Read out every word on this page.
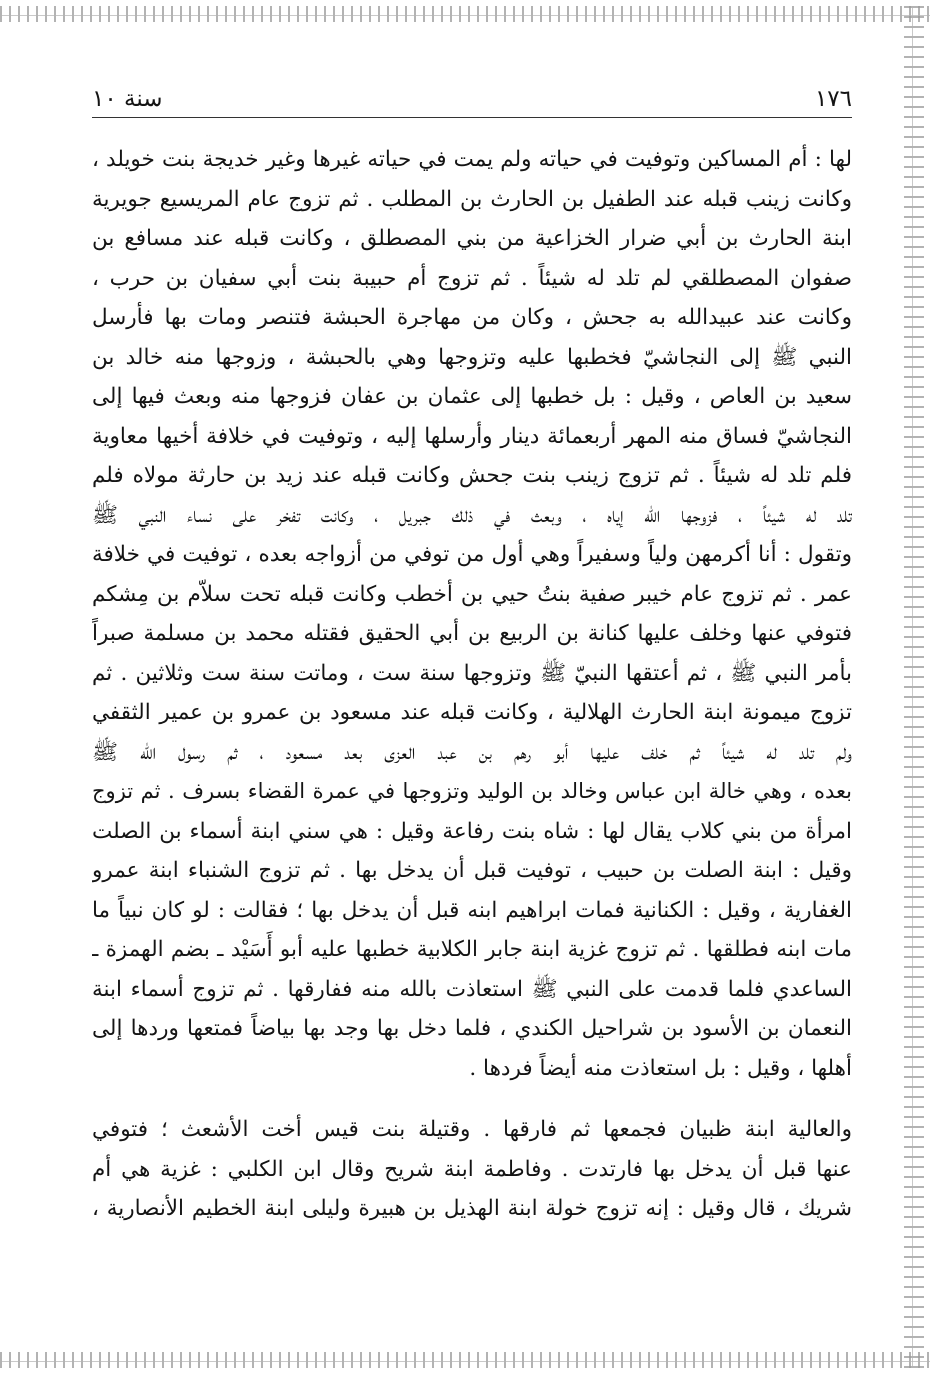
سنة ١٠	١٧٦
لها : أم المساكين وتوفيت في حياته ولم يمت في حياته غيرها وغير خديجة بنت خويلد ،
وكانت زينب قبله عند الطفيل بن الحارث بن المطلب . ثم تزوج عام المريسيع جويرية
ابنة الحارث بن أبي ضرار الخزاعية من بني المصطلق ، وكانت قبله عند مسافع بن
صفوان المصطلقي لم تلد له شيئاً . ثم تزوج أم حبيبة بنت أبي سفيان بن حرب ،
وكانت عند عبيدالله به جحش ، وكان من مهاجرة الحبشة فتنصر ومات بها فأرسل
النبي ﷺ إلى النجاشيّ فخطبها عليه وتزوجها وهي بالحبشة ، وزوجها منه خالد بن
سعيد بن العاص ، وقيل : بل خطبها إلى عثمان بن عفان فزوجها منه وبعث فيها إلى
النجاشيّ فساق منه المهر أربعمائة دينار وأرسلها إليه ، وتوفيت في خلافة أخيها معاوية
فلم تلد له شيئاً . ثم تزوج زينب بنت جحش وكانت قبله عند زيد بن حارثة مولاه فلم
تلد له شيئاً ، فزوجها الله إياه ، وبعث في ذلك جبريل ، وكانت تفخر على نساء النبي ﷺ
وتقول : أنا أكرمهن ولياً وسفيراً وهي أول من توفي من أزواجه بعده ، توفيت في خلافة
عمر . ثم تزوج عام خيبر صفية بنتُ حيي بن أخطب وكانت قبله تحت سلاّم بن مِشكم
فتوفي عنها وخلف عليها كنانة بن الربيع بن أبي الحقيق فقتله محمد بن مسلمة صبراً
بأمر النبي ﷺ ، ثم أعتقها النبيّ ﷺ وتزوجها سنة ست ، وماتت سنة ست وثلاثين . ثم
تزوج ميمونة ابنة الحارث الهلالية ، وكانت قبله عند مسعود بن عمرو بن عمير الثقفي
ولم تلد له شيئاً ثم خلف عليها أبو رهم بن عبد العزى بعد مسعود ، ثم رسول الله ﷺ
بعده ، وهي خالة ابن عباس وخالد بن الوليد وتزوجها في عمرة القضاء بسرف . ثم تزوج
امرأة من بني كلاب يقال لها : شاه بنت رفاعة وقيل : هي سني ابنة أسماء بن الصلت
وقيل : ابنة الصلت بن حبيب ، توفيت قبل أن يدخل بها . ثم تزوج الشنباء ابنة عمرو
الغفارية ، وقيل : الكنانية فمات ابراهيم ابنه قبل أن يدخل بها ؛ فقالت : لو كان نبياً ما
مات ابنه فطلقها . ثم تزوج غزية ابنة جابر الكلابية خطبها عليه أبو أَسَيْد ـ بضم الهمزة ـ
الساعدي فلما قدمت على النبي ﷺ استعاذت بالله منه ففارقها . ثم تزوج أسماء ابنة
النعمان بن الأسود بن شراحيل الكندي ، فلما دخل بها وجد بها بياضاً فمتعها وردها إلى
أهلها ، وقيل : بل استعاذت منه أيضاً فردها .
والعالية ابنة ظبيان فجمعها ثم فارقها . وقتيلة بنت قيس أخت الأشعث ؛ فتوفي
عنها قبل أن يدخل بها فارتدت . وفاطمة ابنة شريح وقال ابن الكلبي : غزية هي أم
شريك ، قال وقيل : إنه تزوج خولة ابنة الهذيل بن هبيرة وليلى ابنة الخطيم الأنصارية ،
